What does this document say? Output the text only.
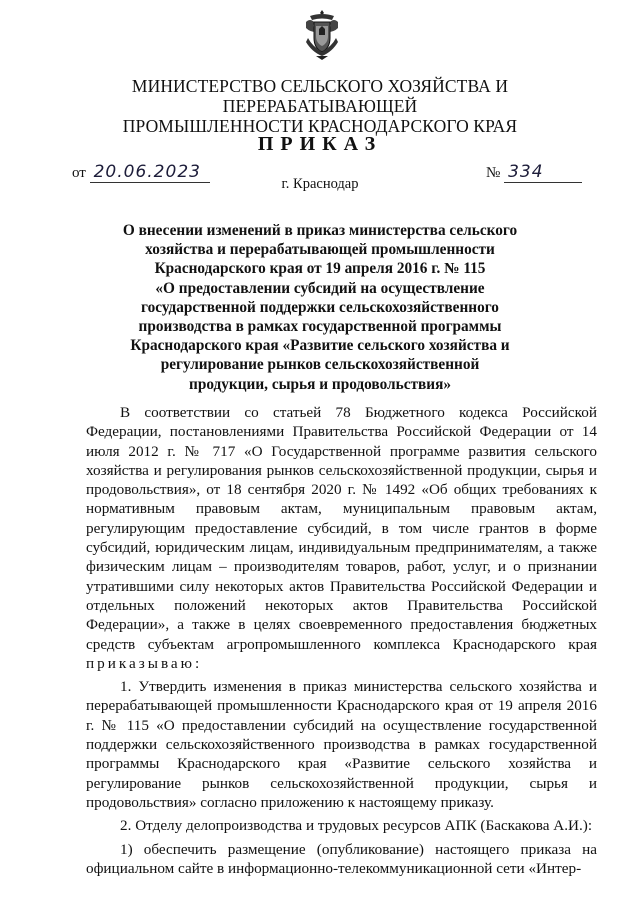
МИНИСТЕРСТВО СЕЛЬСКОГО ХОЗЯЙСТВА И ПЕРЕРАБАТЫВАЮЩЕЙ
ПРОМЫШЛЕННОСТИ КРАСНОДАРСКОГО КРАЯ
ПРИКАЗ
от 20.06.2023	№ 334
г. Краснодар
О внесении изменений в приказ министерства сельского
хозяйства и перерабатывающей промышленности
Краснодарского края от 19 апреля 2016 г. № 115
«О предоставлении субсидий на осуществление
государственной поддержки сельскохозяйственного
производства в рамках государственной программы
Краснодарского края «Развитие сельского хозяйства и
регулирование рынков сельскохозяйственной
продукции, сырья и продовольствия»

В соответствии со статьей 78 Бюджетного кодекса Российской Федерации, постановлениями Правительства Российской Федерации от 14 июля 2012 г. № 717 «О Государственной программе развития сельского хозяйства и регулирования рынков сельскохозяйственной продукции, сырья и продовольствия», от 18 сентября 2020 г. № 1492 «Об общих требованиях к нормативным правовым актам, муниципальным правовым актам, регулирующим предоставление субсидий, в том числе грантов в форме субсидий, юридическим лицам, индивидуальным предпринимателям, а также физическим лицам – производителям товаров, работ, услуг, и о признании утратившими силу некоторых актов Правительства Российской Федерации и отдельных положений некоторых актов Правительства Российской Федерации», а также в целях своевременного предоставления бюджетных средств субъектам агропромышленного комплекса Краснодарского края приказываю:

1. Утвердить изменения в приказ министерства сельского хозяйства и перерабатывающей промышленности Краснодарского края от 19 апреля 2016 г. № 115 «О предоставлении субсидий на осуществление государственной поддержки сельскохозяйственного производства в рамках государственной программы Краснодарского края «Развитие сельского хозяйства и регулирование рынков сельскохозяйственной продукции, сырья и продовольствия» согласно приложению к настоящему приказу.

2. Отделу делопроизводства и трудовых ресурсов АПК (Баскакова А.И.):

1) обеспечить размещение (опубликование) настоящего приказа на официальном сайте в информационно-телекоммуникационной сети «Интер-
